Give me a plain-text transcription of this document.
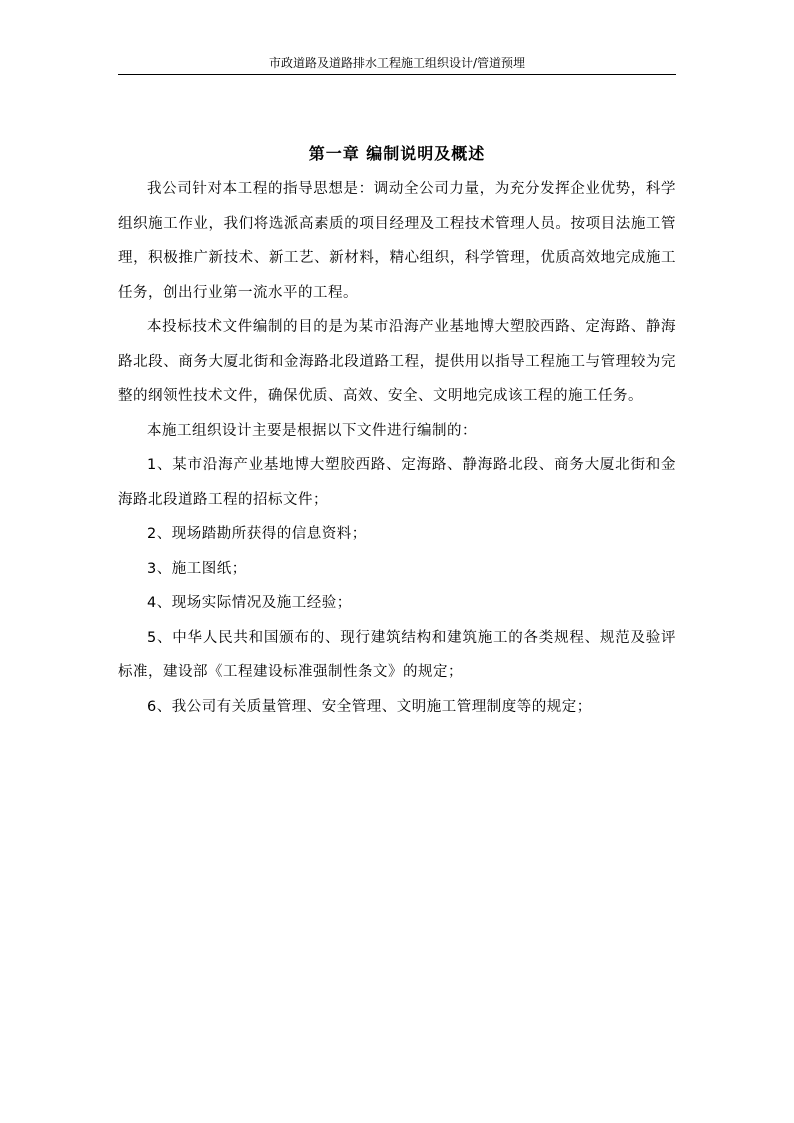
市政道路及道路排水工程施工组织设计/管道预埋
第一章 编制说明及概述

我公司针对本工程的指导思想是：调动全公司力量，为充分发挥企业优势，科学组织施工作业，我们将选派高素质的项目经理及工程技术管理人员。按项目法施工管理，积极推广新技术、新工艺、新材料，精心组织，科学管理，优质高效地完成施工任务，创出行业第一流水平的工程。

本投标技术文件编制的目的是为某市沿海产业基地博大塑胶西路、定海路、静海路北段、商务大厦北街和金海路北段道路工程，提供用以指导工程施工与管理较为完整的纲领性技术文件，确保优质、高效、安全、文明地完成该工程的施工任务。

本施工组织设计主要是根据以下文件进行编制的：

1、某市沿海产业基地博大塑胶西路、定海路、静海路北段、商务大厦北街和金海路北段道路工程的招标文件；

2、现场踏勘所获得的信息资料；

3、施工图纸；

4、现场实际情况及施工经验；

5、中华人民共和国颁布的、现行建筑结构和建筑施工的各类规程、规范及验评标准，建设部《工程建设标准强制性条文》的规定；

6、我公司有关质量管理、安全管理、文明施工管理制度等的规定；
